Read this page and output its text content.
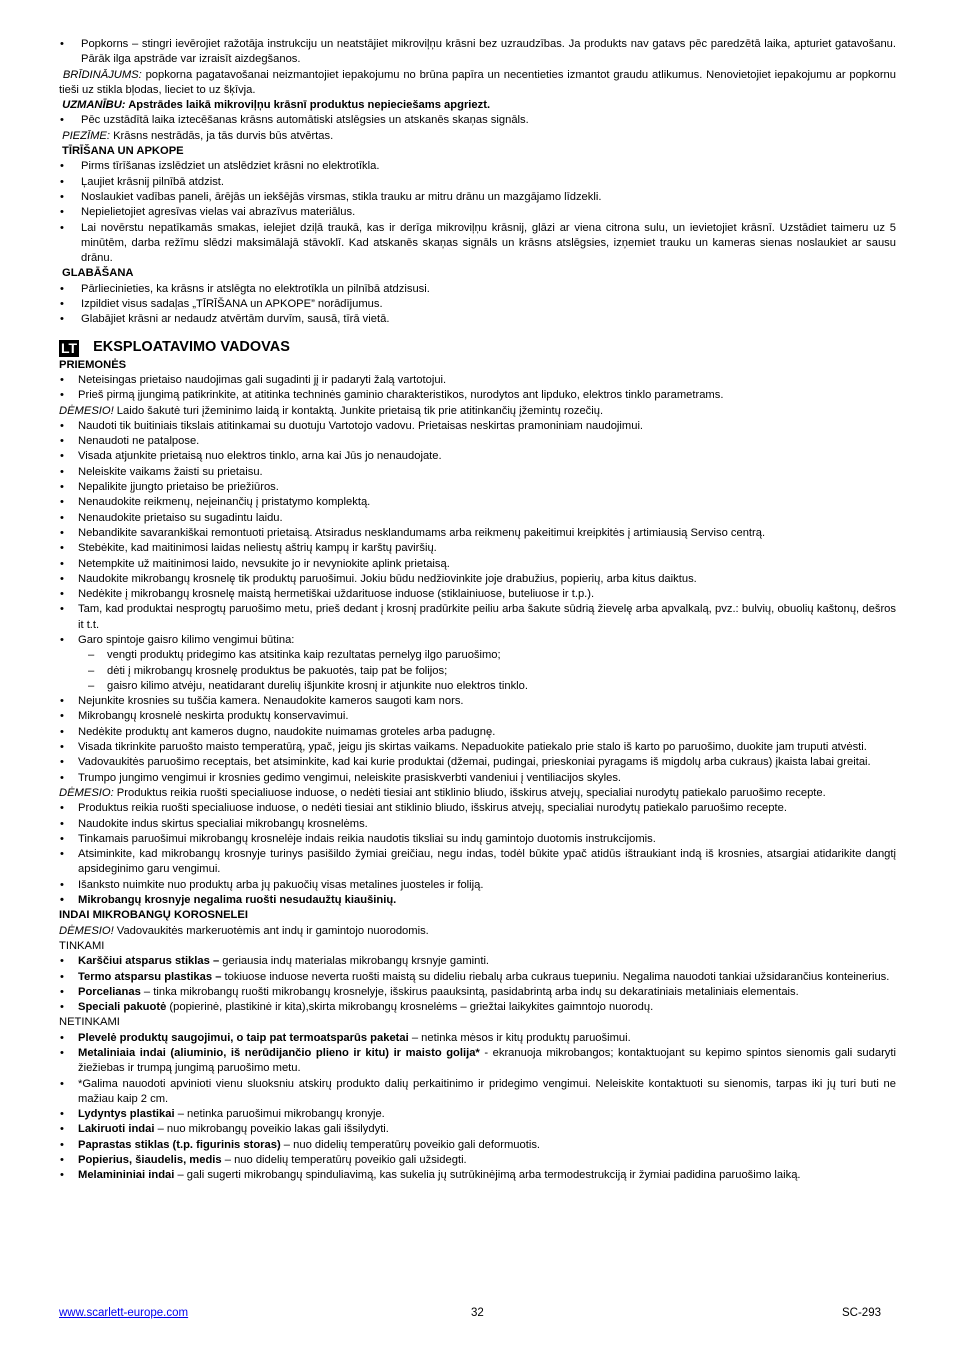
• Popkorns – stingri ievērojiet ražotāja instrukciju un neatstājiet mikroviļņu krāsni bez uzraudzības. Ja produkts nav gatavs pēc paredzētā laika, apturiet gatavošanu. Pārāk ilga apstrāde var izraisīt aizdegšanos.
BRĪDINĀJUMS: popkorna pagatavošanai neizmantojiet iepakojumu no brūna papīra un necentieties izmantot graudu atlikumus. Nenovietojiet iepakojumu ar popkornu tieši uz stikla bļodas, lieciet to uz šķīvja.
UZMANĪBU: Apstrādes laikā mikroviļņu krāsnī produktus nepieciešams apgriezt.
• Pēc uzstādītā laika iztecēšanas krāsns automātiski atslēgsies un atskanēs skaņas signāls.
PIEZĪME: Krāsns nestrādās, ja tās durvis būs atvērtas.
TĪRĪŠANA UN APKOPE
• Pirms tīrīšanas izslēdziet un atslēdziet krāsni no elektrotīkla.
• Ļaujiet krāsnij pilnībā atdzist.
• Noslaukiet vadības paneli, ārējās un iekšējās virsmas, stikla trauku ar mitru drānu un mazgājamo līdzekli.
• Nepielietojiet agresīvas vielas vai abrazīvus materiālus.
• Lai novērstu nepatīkamās smakas, ielejiet dziļā traukā, kas ir derīga mikroviļņu krāsnij, glāzi ar viena citrona sulu, un ievietojiet krāsnī. Uzstādiet taimeru uz 5 minūtēm, darba režīmu slēdzi maksimālajā stāvoklī. Kad atskanēs skaņas signāls un krāsns atslēgsies, izņemiet trauku un kameras sienas noslaukiet ar sausu drānu.
GLABĀŠANA
• Pārliecinieties, ka krāsns ir atslēgta no elektrotīkla un pilnībā atdzisusi.
• Izpildiet visus sadaļas „TĪRĪŠANA un APKOPE” norādījumus.
• Glabājiet krāsni ar nedaudz atvērtām durvīm, sausā, tīrā vietā.
LT EKSPLOATAVIMO VADOVAS
PRIEMONĖS
• Neteisingas prietaiso naudojimas gali sugadinti jį ir padaryti žalą vartotojui.
• Prieš pirmą įjungimą patikrinkite, at atitinka techninės gaminio charakteristikos, nurodytos ant lipduko, elektros tinklo parametrams.
DĖMESIO! Laido šakutė turi įžeminimo laidą ir kontaktą. Junkite prietaisą tik prie atitinkančių įžemintų rozečių.
• Naudoti tik buitiniais tikslais atitinkamai su duotuju Vartotojo vadovu. Prietaisas neskirtas pramoniniam naudojimui.
• Nenaudoti ne patalpose.
• Visada atjunkite prietaisą nuo elektros tinklo, arna kai Jūs jo nenaudojate.
• Neleiskite vaikams žaisti su prietaisu.
• Nepalikite įjungto prietaiso be priežiūros.
• Nenaudokite reikmenų, neįeinančių į pristatymo komplektą.
• Nenaudokite prietaiso su sugadintu laidu.
• Nebandikite savarankiškai remontuoti prietaisą. Atsiradus nesklandumams arba reikmenų pakeitimui kreipkitės į artimiausią Serviso centrą.
• Stebėkite, kad maitinimosi laidas neliestų aštrių kampų ir karštų paviršių.
• Netempkite už maitinimosi laido, nevsukite jo ir nevyniokite aplink prietaisą.
• Naudokite mikrobangų krosnelę tik produktų paruošimui. Jokiu būdu nedžiovinkite joje drabužius, popierių, arba kitus daiktus.
• Nedėkite į mikrobangų krosnelę maistą hermetiškai uždarituose induose (stiklainiuose, buteliuose ir t.p.).
• Tam, kad produktai nesprogtų paruošimo metu, prieš dedant į krosnį pradūrkite peiliu arba šakute sūdrią žievelę arba apvalkalą, pvz.: bulvių, obuolių kaštonų, dešros it t.t.
• Garo spintoje gaisro kilimo vengimui būtina:
– vengti produktų pridegimo kas atsitinka kaip rezultatas pernelyg ilgo paruošimo;
– dėti į mikrobangų krosnelę produktus be pakuotės, taip pat be folijos;
– gaisro kilimo atvėju, neatidarant durelių išjunkite krosnį ir atjunkite nuo elektros tinklo.
• Nejunkite krosnies su tuščia kamera. Nenaudokite kameros saugoti kam nors.
• Mikrobangų krosnelė neskirta produktų konservavimui.
• Nedėkite produktų ant kameros dugno, naudokite nuimamas groteles arba padugnę.
• Visada tikrinkite paruošto maisto temperatūrą, ypač, jeigu jis skirtas vaikams. Nepaduokite patiekalo prie stalo iš karto po paruošimo, duokite jam truputi atvėsti.
• Vadovaukitės paruošimo receptais, bet atsiminkite, kad kai kurie produktai (džemai, pudingai, prieskoniai pyragams iš migdolų arba cukraus) įkaista labai greitai.
• Trumpo jungimo vengimui ir krosnies gedimo vengimui, neleiskite prasiskverbti vandeniui į ventiliacijos skyles.
DĖMESIO: Produktus reikia ruošti specialiuose induose, o nedėti tiesiai ant stiklinio bliudo, išskirus atvejų, specialiai nurodytų patiekalo paruošimo recepte.
• Produktus reikia ruošti specialiuose induose, o nedėti tiesiai ant stiklinio bliudo, išskirus atvejų, specialiai nurodytų patiekalo paruošimo recepte.
• Naudokite indus skirtus specialiai mikrobangų krosnelėms.
• Tinkamais paruošimui mikrobangų krosnelėje indais reikia naudotis tiksliai su indų gamintojo duotomis instrukcijomis.
• Atsiminkite, kad mikrobangų krosnyje turinys pasišildo žymiai greičiau, negu indas, todėl būkite ypač atidūs ištraukiant indą iš krosnies, atsargiai atidarikite dangtį apsideginimo garu vengimui.
• Išanksto nuimkite nuo produktų arba jų pakuočių visas metalines juosteles ir foliją.
• Mikrobangų krosnyje negalima ruošti nesudaužtų kiaušinių.
INDAI MIKROBANGŲ KOROSNELEI
DĖMESIO! Vadovaukitės markeruotėmis ant indų ir gamintojo nuorodomis.
TINKAMI
• Karščiui atsparus stiklas – geriausia indų materialas mikrobangų krsnyje gaminti.
• Termo atsparsu plastikas – tokiuose induose neverta ruošti maistą su dideliu riebalų arba cukraus tuериniu. Negalima nauodoti tankiai užsidarančius konteinerius.
• Porcelianas – tinka mikrobangų ruošti mikrobangų krosnelyje, išskirus paauksintą, pasidabrintą arba indų su dekaratiniais metaliniais elementais.
• Speciali pakuotė (popierinė, plastikinė ir kita),skirta mikrobangų krosnelėms – griežtai laikykites gaimntojo nuorodų.
NETINKAMI
• Plevelė produktų saugojimui, o taip pat termoatsparūs paketai – netinka mėsos ir kitų produktų paruošimui.
• Metaliniaia indai (aliuminio, iš nerūdijančio plieno ir kitu) ir maisto golija* - ekranuoja mikrobangos; kontaktuojant su kepimo spintos sienomis gali sudaryti žiežiebas ir trumpą jungimą paruošimo metu.
• *Galima nauodoti apvinioti vienu sluoksniu atskirų produkto dalių perkaitinimo ir pridegimo vengimui. Neleiskite kontaktuoti su sienomis, tarpas iki jų turi buti ne mažiau kaip 2 cm.
• Lydyntys plastikai – netinka paruošimui mikrobangų kronyje.
• Lakiruoti indai – nuo mikrobangų poveikio lakas gali išsilydyti.
• Paprastas stiklas (t.p. figurinis storas) – nuo didelių temperatūrų poveikio gali deformuotis.
• Popierius, šiaudelis, medis – nuo didelių temperatūrų poveikio gali užsidegti.
• Melamininiai indai – gali sugerti mikrobangų spinduliavimą, kas sukelia jų sutrūkinėjimą arba termodestrukciją ir žymiai padidina paruošimo laiką.
www.scarlett-europe.com	32	SC-293
